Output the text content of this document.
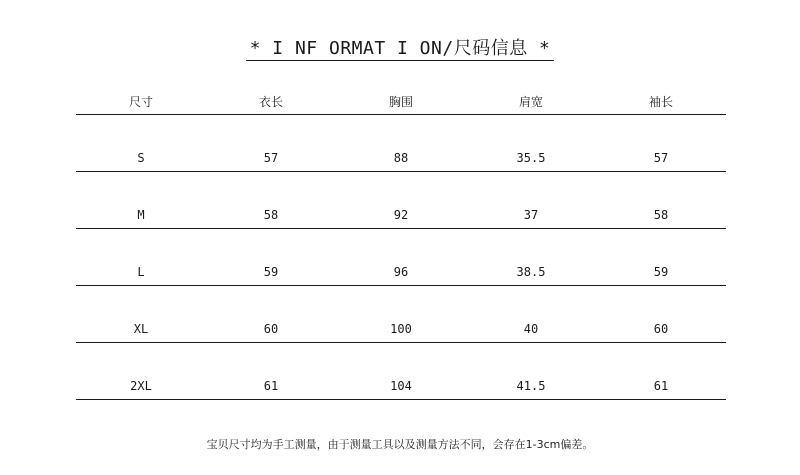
* I NF ORMAT I ON/尺码信息 *
尺寸	衣长	胸围	肩宽	袖长
S	57	88	35.5	57
M	58	92	37	58
L	59	96	38.5	59
XL	60	100	40	60
2XL	61	104	41.5	61
宝贝尺寸均为手工测量，由于测量工具以及测量方法不同，会存在1-3cm偏差。
